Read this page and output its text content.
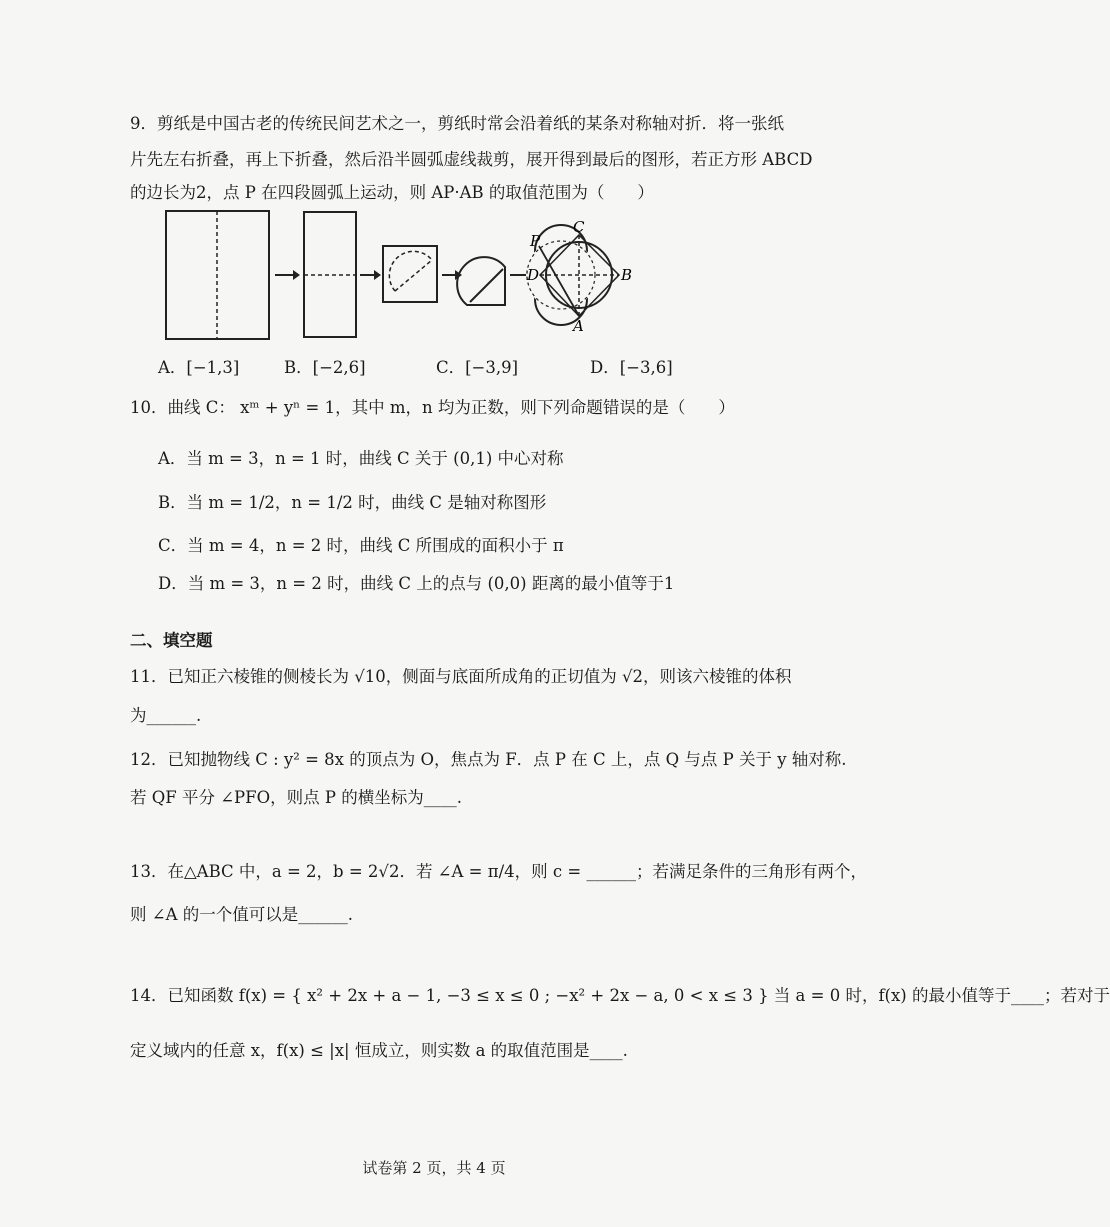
9．剪纸是中国古老的传统民间艺术之一，剪纸时常会沿着纸的某条对称轴对折．将一张纸
片先左右折叠，再上下折叠，然后沿半圆弧虚线裁剪，展开得到最后的图形，若正方形 ABCD
的边长为2，点 P 在四段圆弧上运动，则 AP·AB 的取值范围为（　　）
P
C
D	B
A
A．[−1,3]	B．[−2,6]	C．[−3,9]	D．[−3,6]
10．曲线 C： xᵐ + yⁿ = 1，其中 m，n 均为正数，则下列命题错误的是（　　）
A．当 m = 3，n = 1 时，曲线 C 关于 (0,1) 中心对称
B．当 m = 1/2，n = 1/2 时，曲线 C 是轴对称图形
C．当 m = 4，n = 2 时，曲线 C 所围成的面积小于 π
D．当 m = 3，n = 2 时，曲线 C 上的点与 (0,0) 距离的最小值等于1
二、填空题
11．已知正六棱锥的侧棱长为 √10，侧面与底面所成角的正切值为 √2，则该六棱锥的体积
为______.
12．已知抛物线 C : y² = 8x 的顶点为 O，焦点为 F．点 P 在 C 上，点 Q 与点 P 关于 y 轴对称.
若 QF 平分 ∠PFO，则点 P 的横坐标为____.
13．在△ABC 中，a = 2，b = 2√2．若 ∠A = π/4，则 c = ______；若满足条件的三角形有两个，
则 ∠A 的一个值可以是______.
14．已知函数 f(x) = { x² + 2x + a − 1, −3 ≤ x ≤ 0 ; −x² + 2x − a, 0 < x ≤ 3 } 当 a = 0 时，f(x) 的最小值等于____；若对于
定义域内的任意 x，f(x) ≤ |x| 恒成立，则实数 a 的取值范围是____.
试卷第 2 页，共 4 页
